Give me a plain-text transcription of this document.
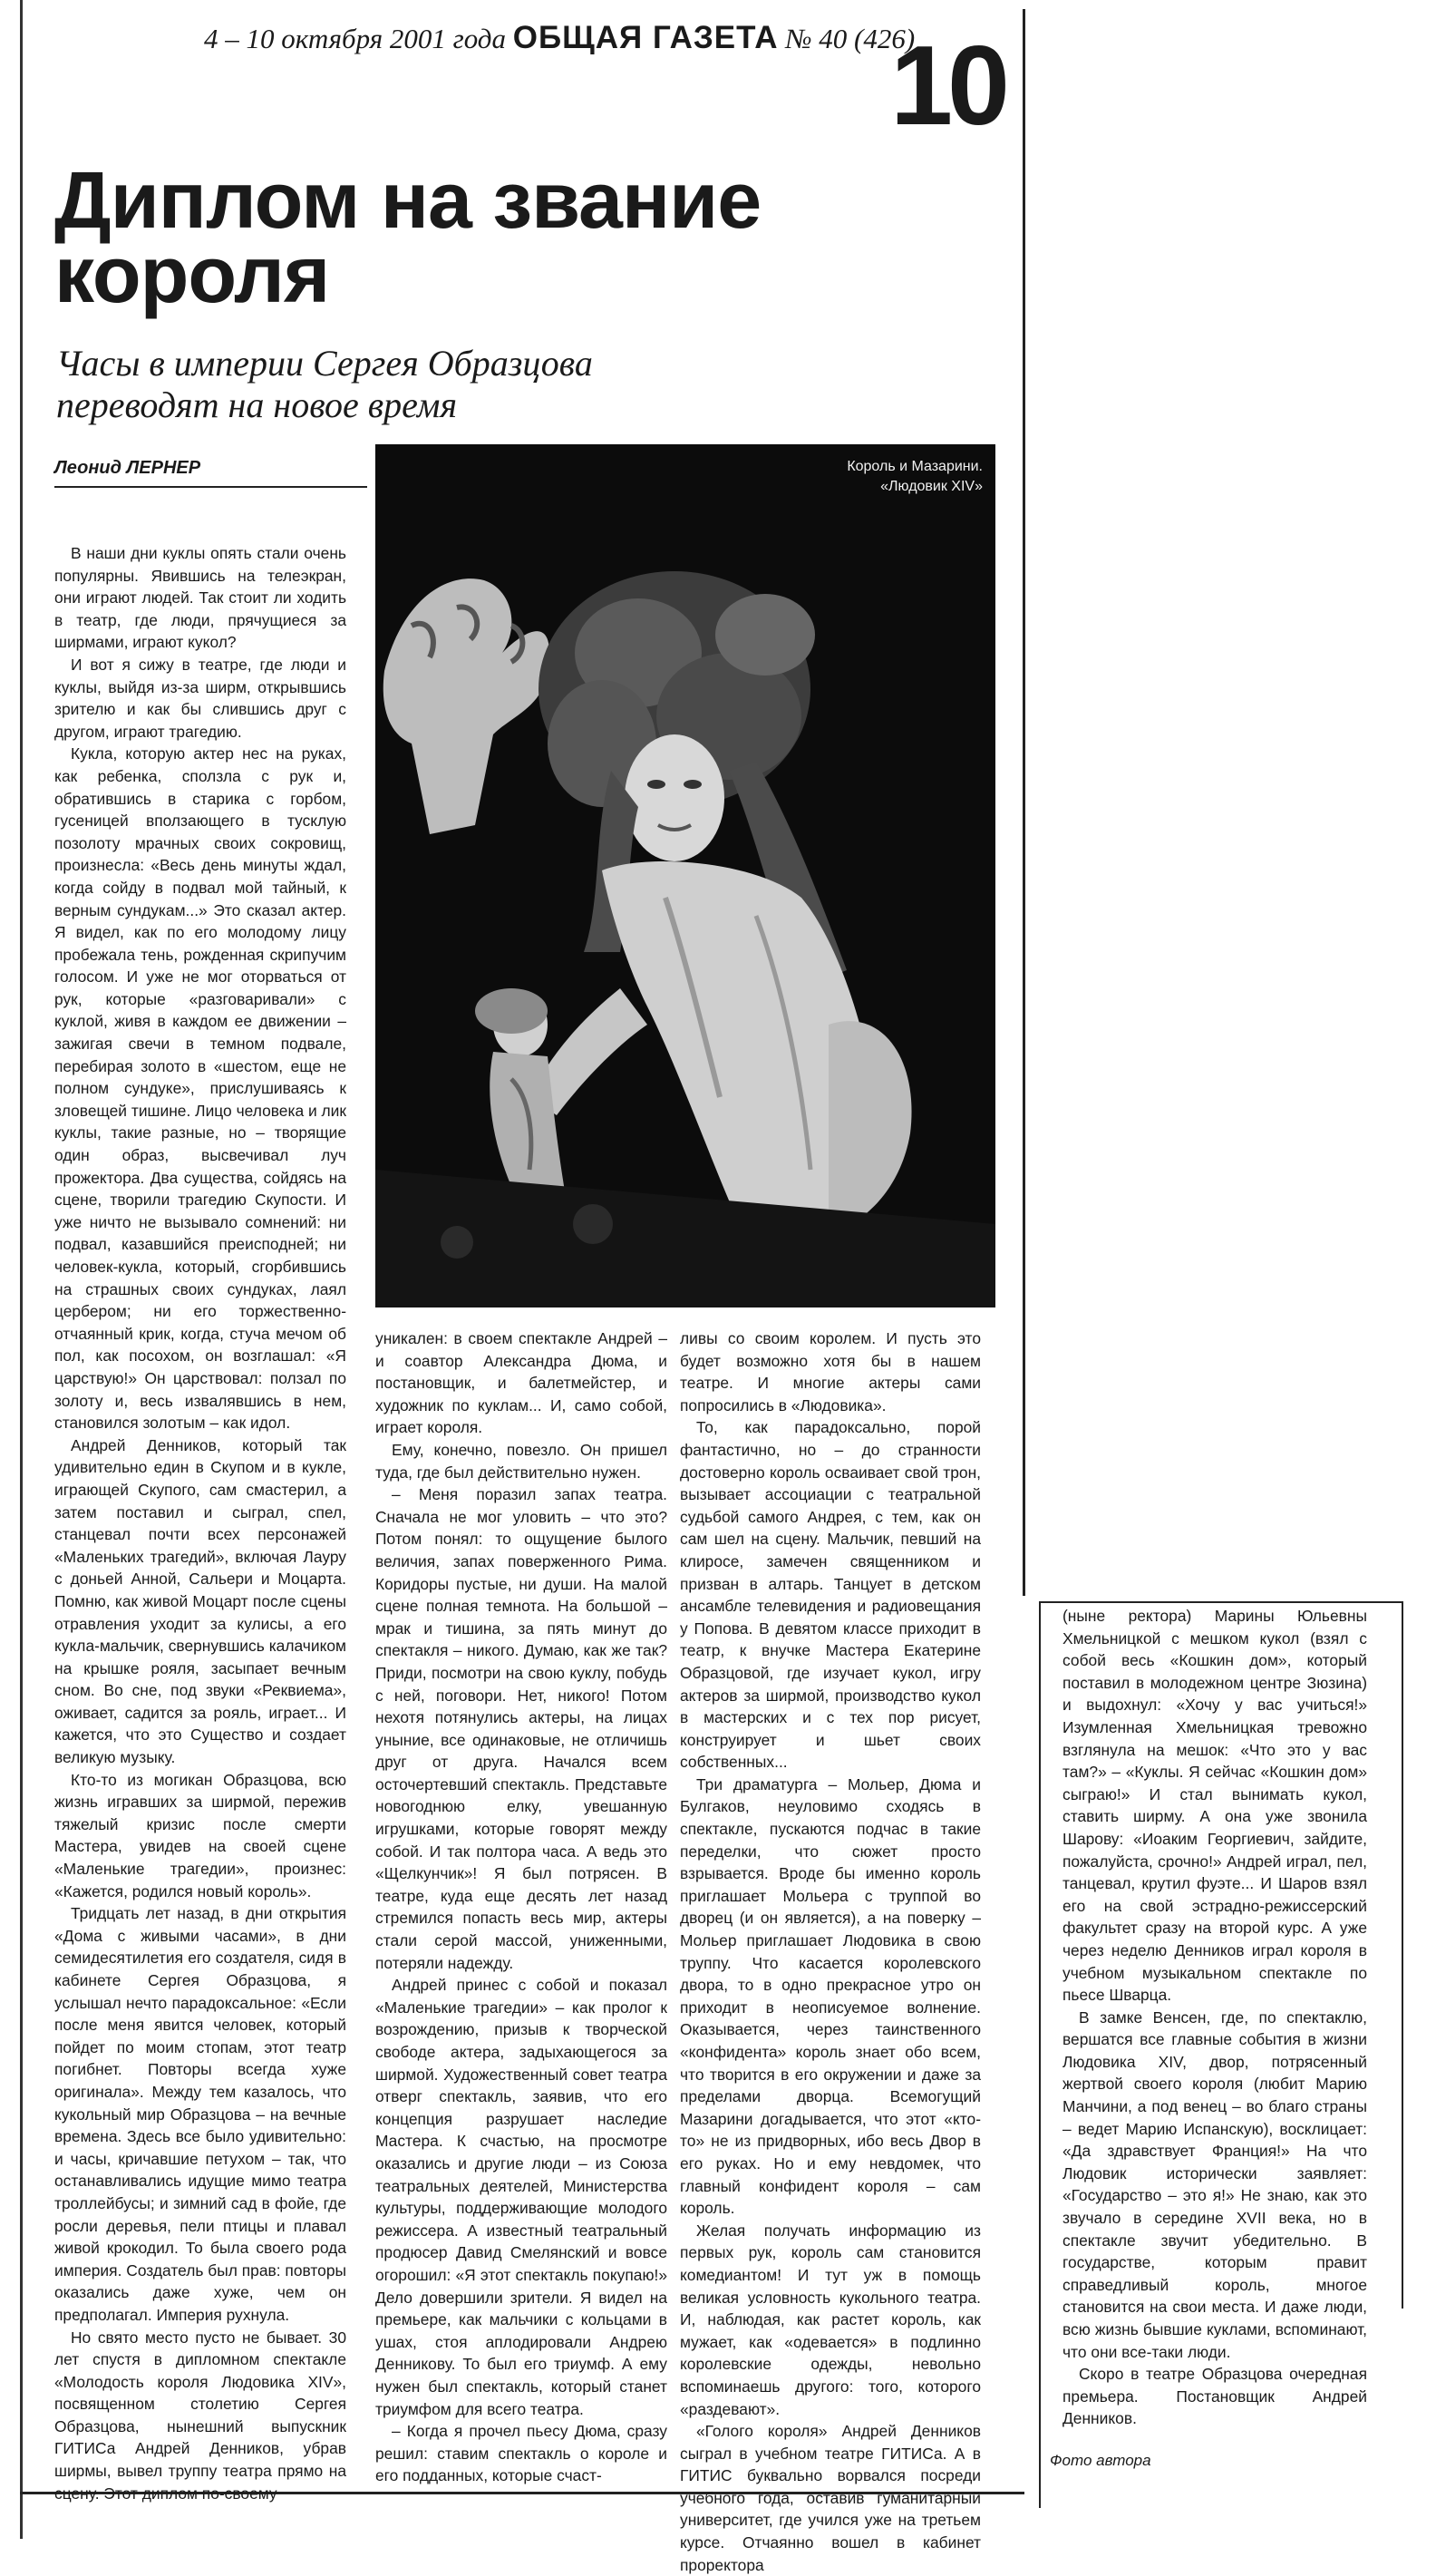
4 – 10 октября 2001 года ОБЩАЯ ГАЗЕТА № 40 (426)
10
Диплом на звание короля
Часы в империи Сергея Образцова переводят на новое время
Леонид ЛЕРНЕР	Король и Мазарини.
«Людовик XIV»

В наши дни куклы опять стали очень популярны. Явившись на телеэкран, они играют людей. Так стоит ли ходить в театр, где люди, прячущиеся за ширмами, играют кукол?

И вот я сижу в театре, где люди и куклы, выйдя из-за ширм, открывшись зрителю и как бы слившись друг с другом, играют трагедию.

Кукла, которую актер нес на руках, как ребенка, сползла с рук и, обратившись в старика с горбом, гусеницей вползающего в тусклую позолоту мрачных своих сокровищ, произнесла: «Весь день минуты ждал, когда сойду в подвал мой тайный, к верным сундукам...» Это сказал актер. Я видел, как по его молодому лицу пробежала тень, рожденная скрипучим голосом. И уже не мог оторваться от рук, которые «разговаривали» с куклой, живя в каждом ее движении – зажигая свечи в темном подвале, перебирая золото в «шестом, еще не полном сундуке», прислушиваясь к зловещей тишине. Лицо человека и лик куклы, такие разные, но – творящие один образ, высвечивал луч прожектора. Два существа, сойдясь на сцене, творили трагедию Скупости. И уже ничто не вызывало сомнений: ни подвал, казавшийся преисподней; ни человек-кукла, который, сгорбившись на страшных своих сундуках, лаял цербером; ни его торжественно-отчаянный крик, когда, стуча мечом об пол, как посохом, он возглашал: «Я царствую!» Он царствовал: ползал по золоту и, весь извалявшись в нем, становился золотым – как идол.

Андрей Денников, который так удивительно един в Скупом и в кукле, играющей Скупого, сам смастерил, а затем поставил и сыграл, спел, станцевал почти всех персонажей «Маленьких трагедий», включая Лауру с доньей Анной, Сальери и Моцарта. Помню, как живой Моцарт после сцены отравления уходит за кулисы, а его кукла-мальчик, свернувшись калачиком на крышке рояля, засыпает вечным сном. Во сне, под звуки «Реквиема», оживает, садится за рояль, играет... И кажется, что это Существо и создает великую музыку.

Кто-то из могикан Образцова, всю жизнь игравших за ширмой, пережив тяжелый кризис после смерти Мастера, увидев на своей сцене «Маленькие трагедии», произнес: «Кажется, родился новый король».

Тридцать лет назад, в дни открытия «Дома с живыми часами», в дни семидесятилетия его создателя, сидя в кабинете Сергея Образцова, я услышал нечто парадоксальное: «Если после меня явится человек, который пойдет по моим стопам, этот театр погибнет. Повторы всегда хуже оригинала». Между тем казалось, что кукольный мир Образцова – на вечные времена. Здесь все было удивительно: и часы, кричавшие петухом – так, что останавливались идущие мимо театра троллейбусы; и зимний сад в фойе, где росли деревья, пели птицы и плавал живой крокодил. То была своего рода империя. Создатель был прав: повторы оказались даже хуже, чем он предполагал. Империя рухнула.

Но свято место пусто не бывает. 30 лет спустя в дипломном спектакле «Молодость короля Людовика XIV», посвященном столетию Сергея Образцова, нынешний выпускник ГИТИСа Андрей Денников, убрав ширмы, вывел труппу театра прямо на сцену. Этот диплом по-своему

уникален: в своем спектакле Андрей – и соавтор Александра Дюма, и постановщик, и балетмейстер, и художник по куклам... И, само собой, играет короля.

Ему, конечно, повезло. Он пришел туда, где был действительно нужен.

– Меня поразил запах театра. Сначала не мог уловить – что это? Потом понял: то ощущение былого величия, запах поверженного Рима. Коридоры пустые, ни души. На малой сцене полная темнота. На большой – мрак и тишина, за пять минут до спектакля – никого. Думаю, как же так? Приди, посмотри на свою куклу, побудь с ней, поговори. Нет, никого! Потом нехотя потянулись актеры, на лицах уныние, все одинаковые, не отличишь друг от друга. Начался всем осточертевший спектакль. Представьте новогоднюю елку, увешанную игрушками, которые говорят между собой. И так полтора часа. А ведь это «Щелкунчик»! Я был потрясен. В театре, куда еще десять лет назад стремился попасть весь мир, актеры стали серой массой, униженными, потеряли надежду.

Андрей принес с собой и показал «Маленькие трагедии» – как пролог к возрождению, призыв к творческой свободе актера, задыхающегося за ширмой. Художественный совет театра отверг спектакль, заявив, что его концепция разрушает наследие Мастера. К счастью, на просмотре оказались и другие люди – из Союза театральных деятелей, Министерства культуры, поддерживающие молодого режиссера. А известный театральный продюсер Давид Смелянский и вовсе огорошил: «Я этот спектакль покупаю!» Дело довершили зрители. Я видел на премьере, как мальчики с кольцами в ушах, стоя аплодировали Андрею Денникову. То был его триумф. А ему нужен был спектакль, который станет триумфом для всего театра.

– Когда я прочел пьесу Дюма, сразу решил: ставим спектакль о короле и его подданных, которые счаст-

ливы со своим королем. И пусть это будет возможно хотя бы в нашем театре. И многие актеры сами попросились в «Людовика».

То, как парадоксально, порой фантастично, но – до странности достоверно король осваивает свой трон, вызывает ассоциации с театральной судьбой самого Андрея, с тем, как он сам шел на сцену. Мальчик, певший на клиросе, замечен священником и призван в алтарь. Танцует в детском ансамбле телевидения и радиовещания у Попова. В девятом классе приходит в театр, к внучке Мастера Екатерине Образцовой, где изучает кукол, игру актеров за ширмой, производство кукол в мастерских и с тех пор рисует, конструирует и шьет своих собственных...

Три драматурга – Мольер, Дюма и Булгаков, неуловимо сходясь в спектакле, пускаются подчас в такие переделки, что сюжет просто взрывается. Вроде бы именно король приглашает Мольера с труппой во дворец (и он является), а на поверку – Мольер приглашает Людовика в свою труппу. Что касается королевского двора, то в одно прекрасное утро он приходит в неописуемое волнение. Оказывается, через таинственного «конфидента» король знает обо всем, что творится в его окружении и даже за пределами дворца. Всемогущий Мазарини догадывается, что этот «кто-то» не из придворных, ибо весь Двор в его руках. Но и ему невдомек, что главный конфидент короля – сам король.

Желая получать информацию из первых рук, король сам становится комедиантом! И тут уж в помощь великая условность кукольного театра. И, наблюдая, как растет король, как мужает, как «одевается» в подлинно королевские одежды, невольно вспоминаешь другого: того, которого «раздевают».

«Голого короля» Андрей Денников сыграл в учебном театре ГИТИСа. А в ГИТИС буквально ворвался посреди учебного года, оставив гуманитарный университет, где учился уже на третьем курсе. Отчаянно вошел в кабинет проректора

(ныне ректора) Марины Юльевны Хмельницкой с мешком кукол (взял с собой весь «Кошкин дом», который поставил в молодежном центре Зюзина) и выдохнул: «Хочу у вас учиться!» Изумленная Хмельницкая тревожно взглянула на мешок: «Что это у вас там?» – «Куклы. Я сейчас «Кошкин дом» сыграю!» И стал вынимать кукол, ставить ширму. А она уже звонила Шарову: «Иоаким Георгиевич, зайдите, пожалуйста, срочно!» Андрей играл, пел, танцевал, крутил фуэте... И Шаров взял его на свой эстрадно-режиссерский факультет сразу на второй курс. А уже через неделю Денников играл короля в учебном музыкальном спектакле по пьесе Шварца.

В замке Венсен, где, по спектаклю, вершатся все главные события в жизни Людовика XIV, двор, потрясенный жертвой своего короля (любит Марию Манчини, а под венец – во благо страны – ведет Марию Испанскую), восклицает: «Да здравствует Франция!» На что Людовик исторически заявляет: «Государство – это я!» Не знаю, как это звучало в середине XVII века, но в спектакле звучит убедительно. В государстве, которым правит справедливый король, многое становится на свои места. И даже люди, всю жизнь бывшие куклами, вспоминают, что они все-таки люди.

Скоро в театре Образцова очередная премьера. Постановщик Андрей Денников.

Фото автора
